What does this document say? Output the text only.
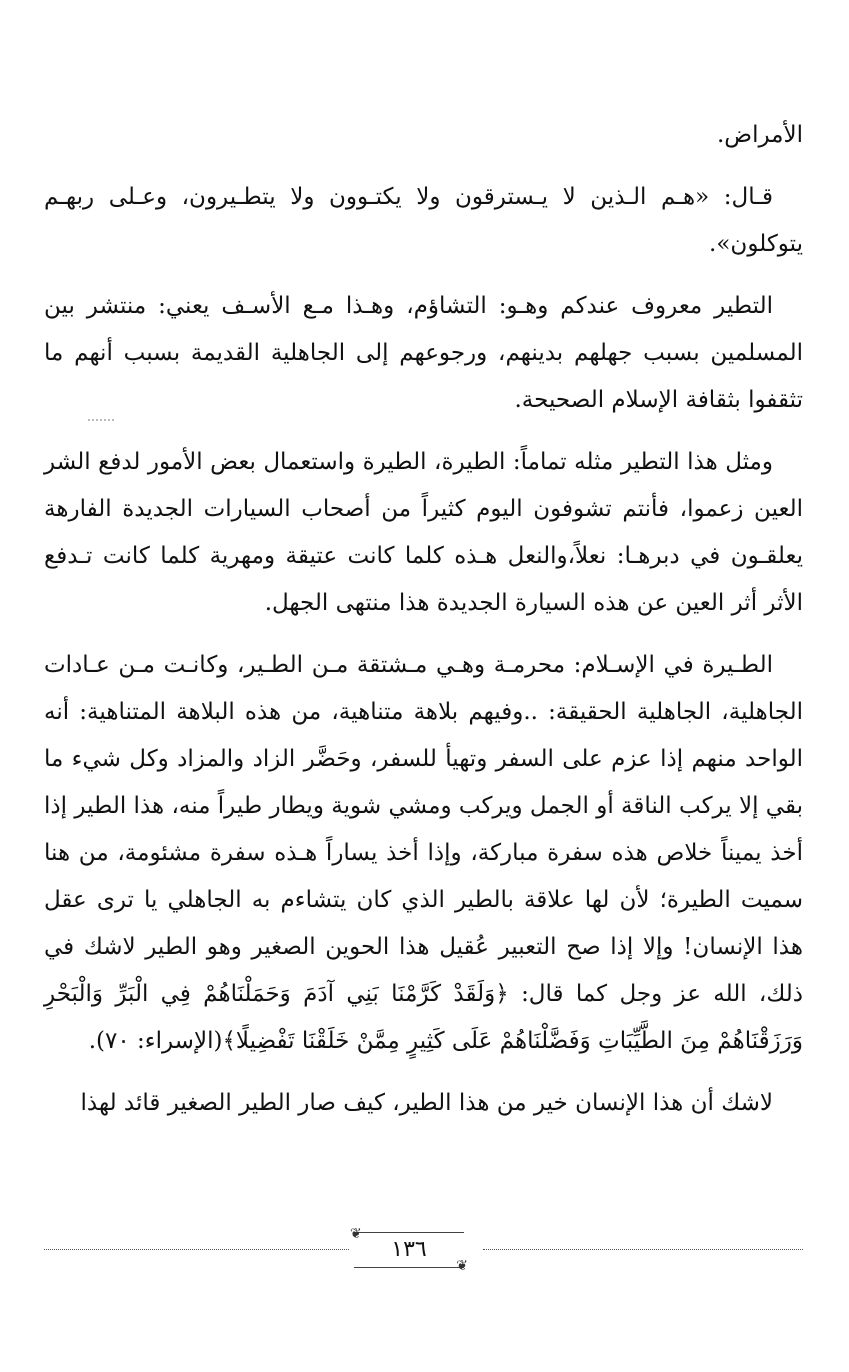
الأمراض.

قـال: «هـم الـذين لا يـسترقون ولا يكتـوون ولا يتطـيرون، وعـلى ربهـم يتوكلون».

التطير معروف عندكم وهـو: التشاؤم، وهـذا مـع الأسـف يعني: منتشر بين المسلمين بسبب جهلهم بدينهم، ورجوعهم إلى الجاهلية القديمة بسبب أنهم ما تثقفوا بثقافة الإسلام الصحيحة.

ومثل هذا التطير مثله تماماً: الطيرة، الطيرة واستعمال بعض الأمور لدفع الشر العين زعموا، فأنتم تشوفون اليوم كثيراً من أصحاب السيارات الجديدة الفارهة يعلقـون في دبرهـا: نعلاً،والنعل هـذه كلما كانت عتيقة ومهرية كلما كانت تـدفع الأثر أثر العين عن هذه السيارة الجديدة هذا منتهى الجهل.

الطـيرة في الإسـلام: محرمـة وهـي مـشتقة مـن الطـير، وكانـت مـن عـادات الجاهلية، الجاهلية الحقيقة: ..وفيهم بلاهة متناهية، من هذه البلاهة المتناهية: أنه الواحد منهم إذا عزم على السفر وتهيأ للسفر، وحَضَّر الزاد والمزاد وكل شيء ما بقي إلا يركب الناقة أو الجمل ويركب ومشي شوية ويطار طيراً منه، هذا الطير إذا أخذ يميناً خلاص هذه سفرة مباركة، وإذا أخذ يساراً هـذه سفرة مشئومة، من هنا سميت الطيرة؛ لأن لها علاقة بالطير الذي كان يتشاءم به الجاهلي يا ترى عقل هذا الإنسان! وإلا إذا صح التعبير عُقيل هذا الحوين الصغير وهو الطير لاشك في ذلك، الله عز وجل كما قال: ﴿وَلَقَدْ كَرَّمْنَا بَنِي آدَمَ وَحَمَلْنَاهُمْ فِي الْبَرِّ وَالْبَحْرِ وَرَزَقْنَاهُمْ مِنَ الطَّيِّبَاتِ وَفَضَّلْنَاهُمْ عَلَى كَثِيرٍ مِمَّنْ خَلَقْنَا تَفْضِيلًا﴾(الإسراء: ٧٠).

لاشك أن هذا الإنسان خير من هذا الطير، كيف صار الطير الصغير قائد لهذا

❦
١٣٦
❦
